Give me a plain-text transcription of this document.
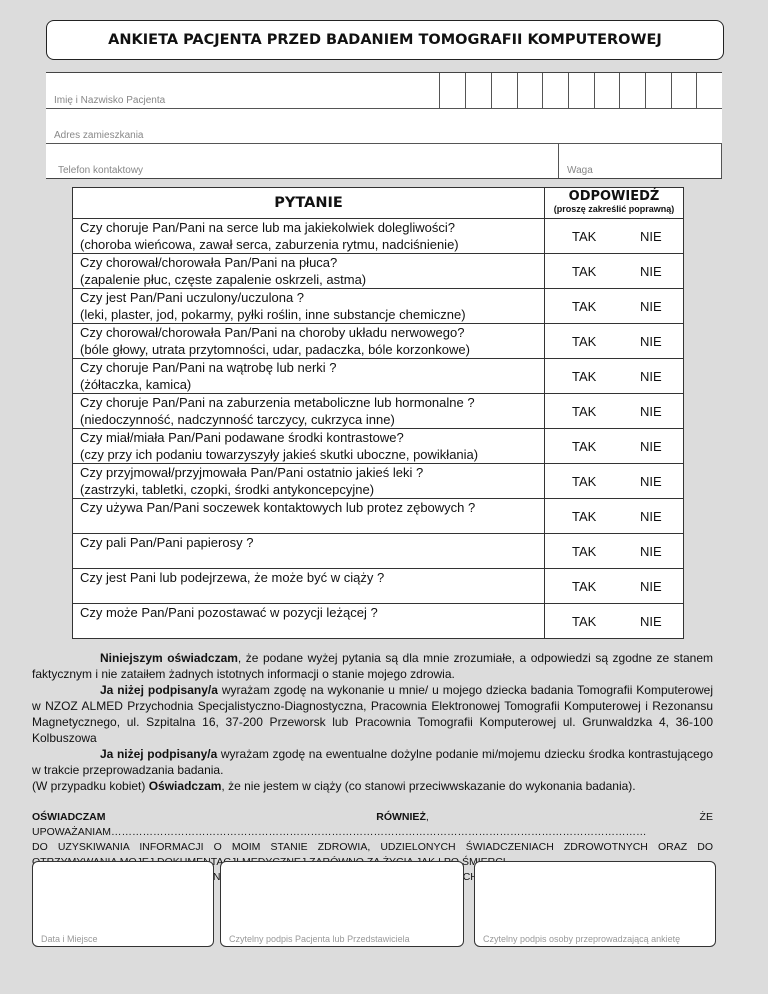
ANKIETA PACJENTA PRZED BADANIEM TOMOGRAFII KOMPUTEROWEJ
Imię i Nazwisko Pacjenta
Adres zamieszkania
Telefon kontaktowy	Waga
PYTANIE	ODPOWIEDŹ
(proszę zakreślić poprawną)

Czy choruje Pan/Pani na serce lub ma jakiekolwiek dolegliwości?
(choroba wieńcowa, zawał serca, zaburzenia rytmu, nadciśnienie)	TAK NIE

Czy chorował/chorowała Pan/Pani na płuca?
(zapalenie płuc, częste zapalenie oskrzeli, astma)	TAK NIE

Czy jest Pan/Pani uczulony/uczulona ?
(leki, plaster, jod, pokarmy, pyłki roślin, inne substancje chemiczne)	TAK NIE

Czy chorował/chorowała Pan/Pani na choroby układu nerwowego?
(bóle głowy, utrata przytomności, udar, padaczka, bóle korzonkowe)	TAK NIE

Czy choruje Pan/Pani na wątrobę lub nerki ?
(żółtaczka, kamica)	TAK NIE

Czy choruje Pan/Pani na zaburzenia metaboliczne lub hormonalne ?
(niedoczynność, nadczynność tarczycy, cukrzyca inne)	TAK NIE

Czy miał/miała Pan/Pani podawane środki kontrastowe?
(czy przy ich podaniu towarzyszyły jakieś skutki uboczne, powikłania)	TAK NIE

Czy przyjmował/przyjmowała Pan/Pani ostatnio jakieś leki ?
(zastrzyki, tabletki, czopki, środki antykoncepcyjne)	TAK NIE

Czy używa Pan/Pani soczewek kontaktowych lub protez zębowych ?	TAK NIE

Czy pali Pan/Pani papierosy ?	TAK NIE

Czy jest Pani lub podejrzewa, że może być w ciąży ?	TAK NIE

Czy może Pan/Pani pozostawać w pozycji leżącej ?	TAK NIE

Niniejszym oświadczam, że podane wyżej pytania są dla mnie zrozumiałe, a odpowiedzi są zgodne ze stanem faktycznym i nie zataiłem żadnych istotnych informacji o stanie mojego zdrowia.

Ja niżej podpisany/a wyrażam zgodę na wykonanie u mnie/ u mojego dziecka badania Tomografii Komputerowej w NZOZ ALMED Przychodnia Specjalistyczno-Diagnostyczna, Pracownia Elektronowej Tomografii Komputerowej i Rezonansu Magnetycznego, ul. Szpitalna 16, 37-200 Przeworsk lub Pracownia Tomografii Komputerowej ul. Grunwaldzka 4, 36-100 Kolbuszowa

Ja niżej podpisany/a wyrażam zgodę na ewentualne dożylne podanie mi/mojemu dziecku środka kontrastującego w trakcie przeprowadzania badania.

(W przypadku kobiet) Oświadczam, że nie jestem w ciąży (co stanowi przeciwwskazanie do wykonania badania).

OŚWIADCZAM RÓWNIEŻ, ŻE UPOWAŻANIAM………………………………………………………………………………………………………………………………………

DO UZYSKIWANIA INFORMACJI O MOIM STANIE ZDROWIA, UDZIELONYCH ŚWIADCZENIACH ZDROWOTNYCH ORAZ DO

Data i Miejsce	Czytelny podpis Pacjenta lub Przedstawiciela	Czytelny podpis osoby przeprowadzającą ankietę
